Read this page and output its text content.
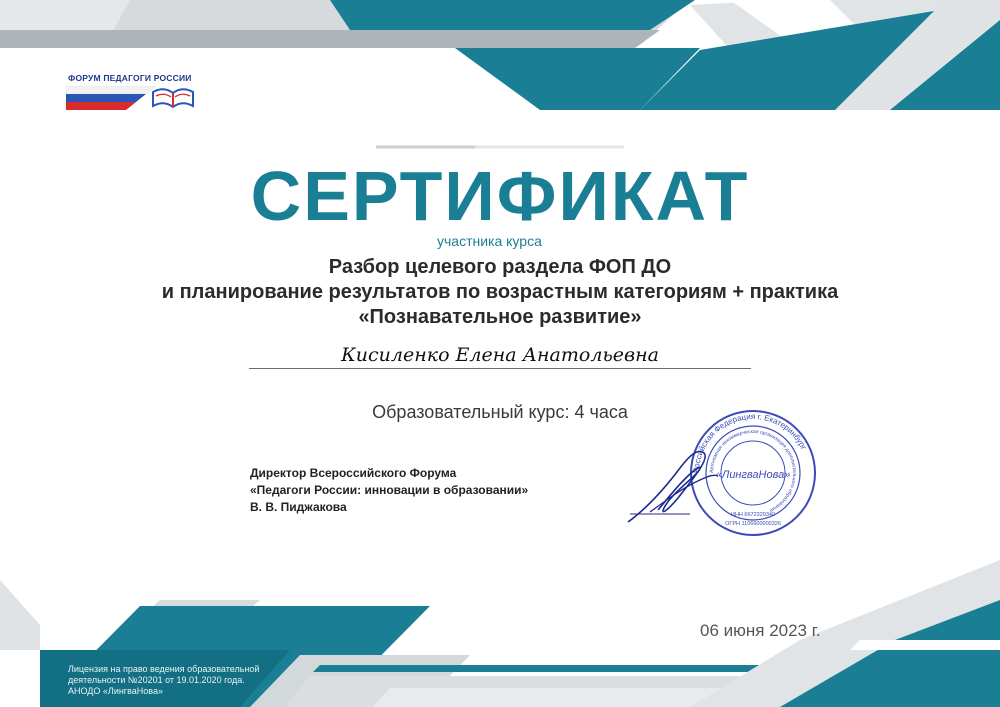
ФОРУМ ПЕДАГОГИ РОССИИ
СЕРТИФИКАТ
участника курса
Разбор целевого раздела ФОП ДО
и планирование результатов по возрастным категориям + практика
«Познавательное развитие»
Кисиленко Елена Анатольевна
Образовательный курс: 4 часа
Директор Всероссийского Форума
«Педагоги России: инновации в образовании»
В. В. Пиджакова
Российская Федерация г. Екатеринбург
Автономная некоммерческая организация дополнительного образования
«ЛингваНова»
ИНН 6672329340
ОГРН 1106600000326
06 июня 2023 г.
Лицензия на право ведения образовательной
деятельности №20201 от 19.01.2020 года.
АНОДО «ЛингваНова»
